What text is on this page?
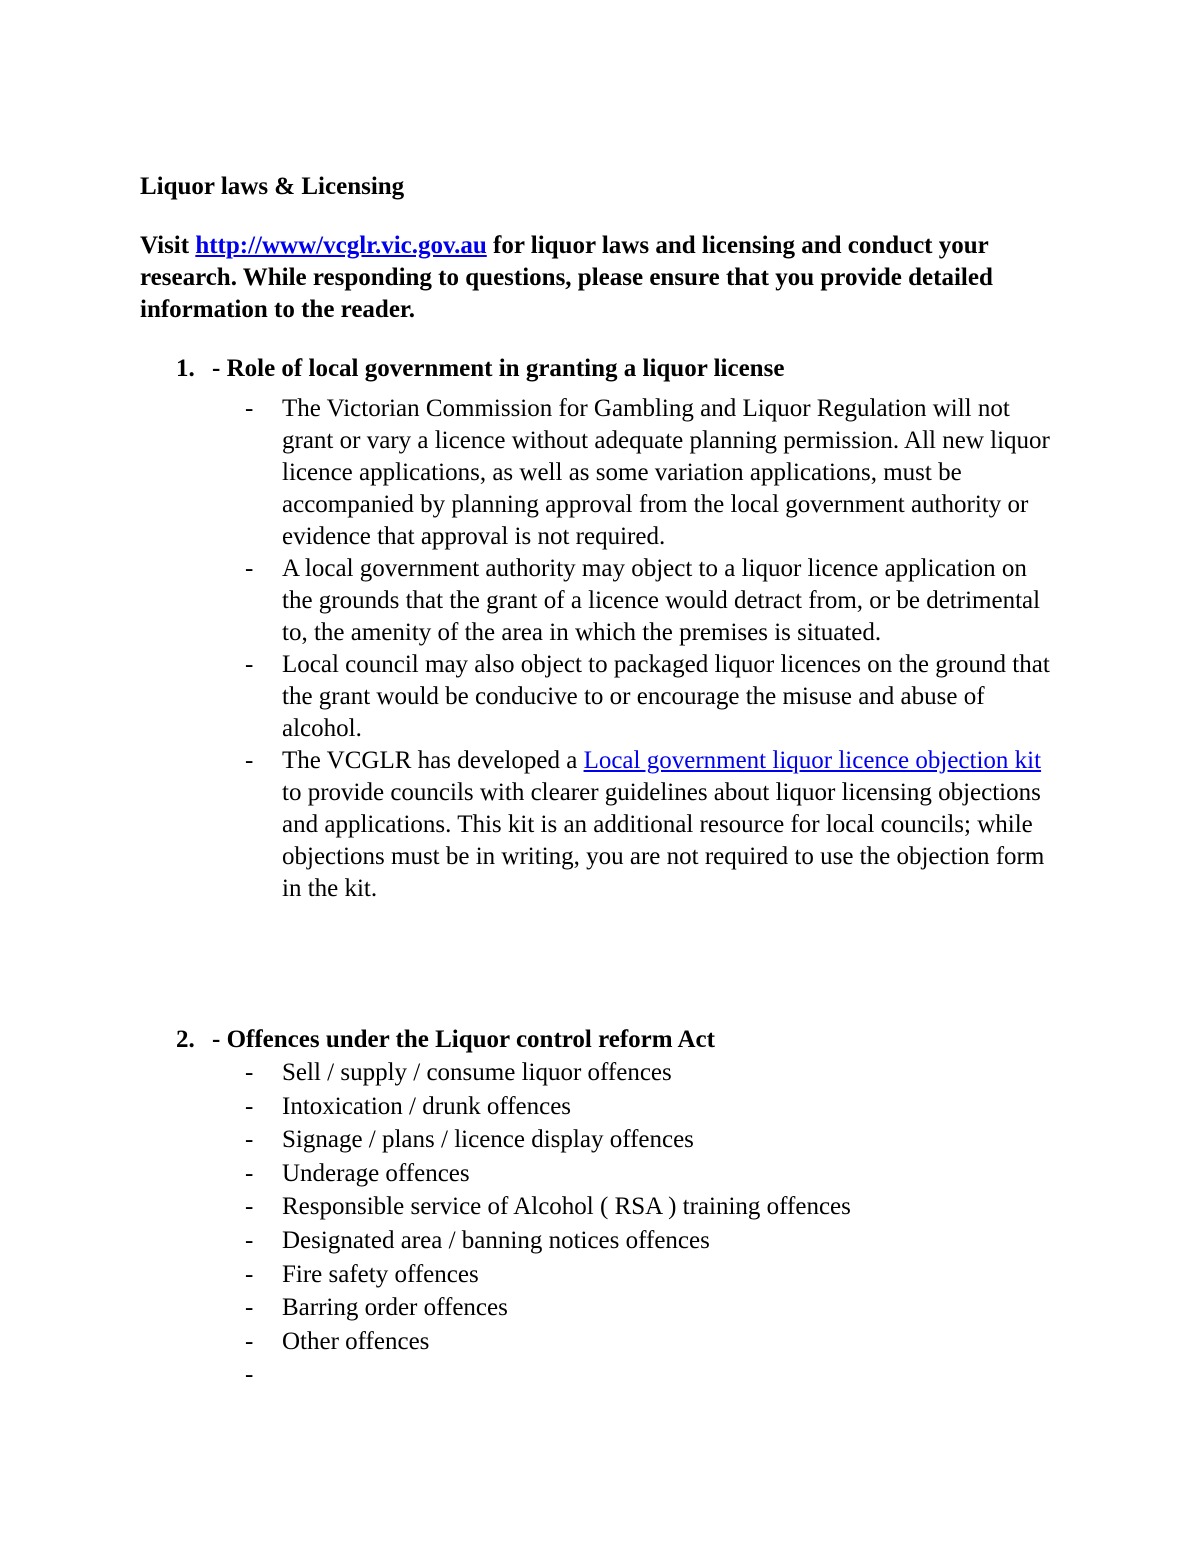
Liquor laws & Licensing
Visit http://www/vcglr.vic.gov.au for liquor laws and licensing and conduct your research. While responding to questions, please ensure that you provide detailed information to the reader.
1. - Role of local government in granting a liquor license
-	The Victorian Commission for Gambling and Liquor Regulation will not grant or vary a licence without adequate planning permission. All new liquor licence applications, as well as some variation applications, must be accompanied by planning approval from the local government authority or evidence that approval is not required.
-	A local government authority may object to a liquor licence application on the grounds that the grant of a licence would detract from, or be detrimental to, the amenity of the area in which the premises is situated.
-	Local council may also object to packaged liquor licences on the ground that the grant would be conducive to or encourage the misuse and abuse of alcohol.
-	The VCGLR has developed a Local government liquor licence objection kit to provide councils with clearer guidelines about liquor licensing objections and applications. This kit is an additional resource for local councils; while objections must be in writing, you are not required to use the objection form in the kit.
2. - Offences under the Liquor control reform Act
-	Sell / supply / consume liquor offences
-	Intoxication / drunk offences
-	Signage / plans / licence display offences
-	Underage offences
-	Responsible service of Alcohol ( RSA ) training offences
-	Designated area / banning notices offences
-	Fire safety offences
-	Barring order offences
-	Other offences
-
